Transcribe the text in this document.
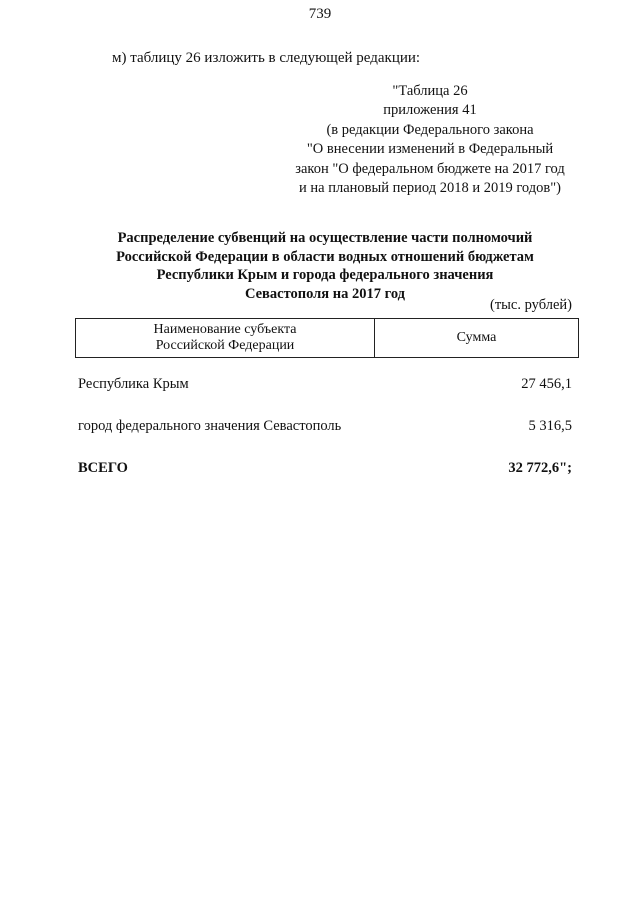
739
м) таблицу 26 изложить в следующей редакции:
"Таблица 26
приложения 41
(в редакции Федерального закона
"О внесении изменений в Федеральный
закон "О федеральном бюджете на 2017 год
и на плановый период 2018 и 2019 годов")
Распределение субвенций на осуществление части полномочий
Российской Федерации в области водных отношений бюджетам
Республики Крым и города федерального значения
Севастополя на 2017 год
(тыс. рублей)
Наименование субъекта
Российской Федерации
Сумма
Республика Крым	27 456,1
город федерального значения Севастополь	5 316,5
ВСЕГО	32 772,6";
